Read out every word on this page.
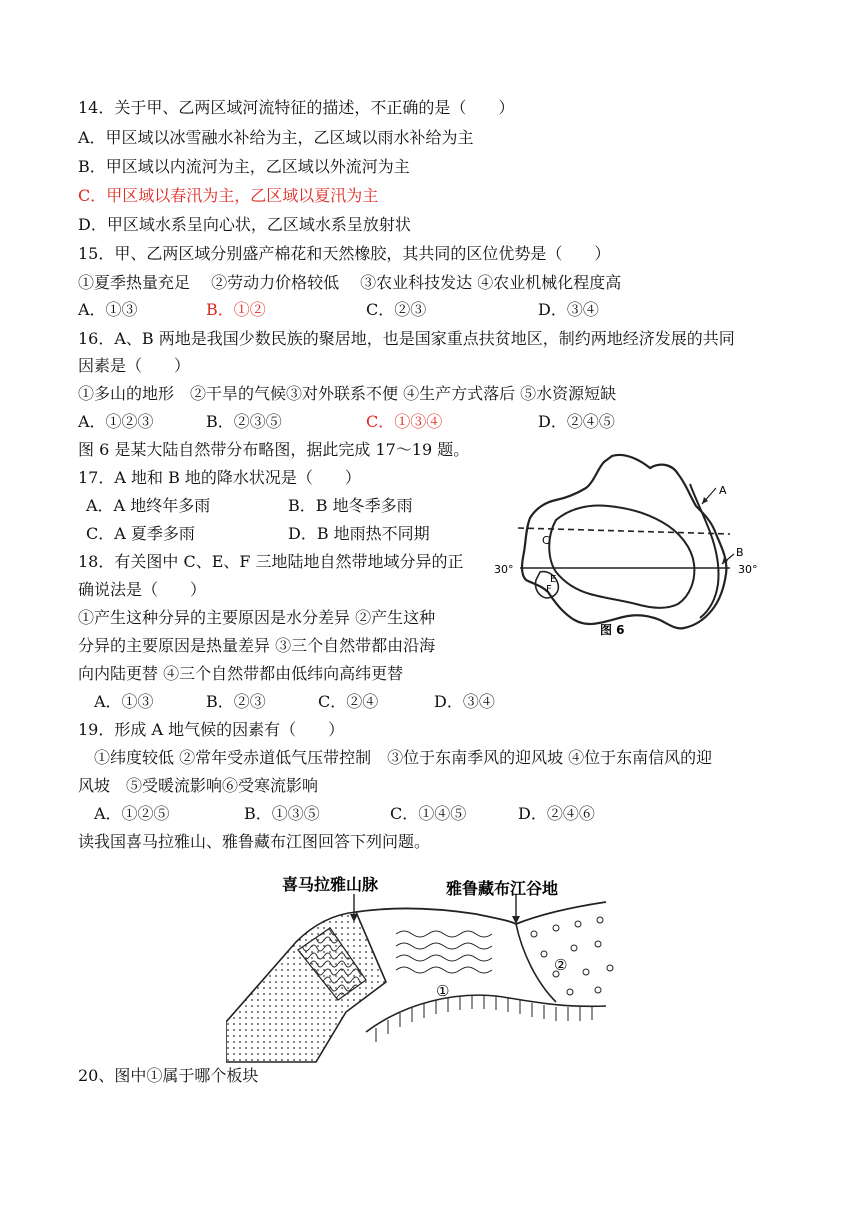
14．关于甲、乙两区域河流特征的描述，不正确的是（　　）
A．甲区域以冰雪融水补给为主，乙区域以雨水补给为主
B．甲区域以内流河为主，乙区域以外流河为主
C．甲区域以春汛为主，乙区域以夏汛为主
D．甲区域水系呈向心状，乙区域水系呈放射状
15．甲、乙两区域分别盛产棉花和天然橡胶，其共同的区位优势是（　　）
①夏季热量充足　 ②劳动力价格较低　 ③农业科技发达 ④农业机械化程度高
A．①③	B．①②	C．②③	D．③④
16．A、B 两地是我国少数民族的聚居地，也是国家重点扶贫地区，制约两地经济发展的共同
因素是（　　）
①多山的地形　②干旱的气候③对外联系不便 ④生产方式落后 ⑤水资源短缺
A．①②③	B．②③⑤	C．①③④	D．②④⑤
图 6 是某大陆自然带分布略图，据此完成 17～19 题。
17．A 地和 B 地的降水状况是（　　）
A．A 地终年多雨	B．B 地冬季多雨
C．A 夏季多雨	D．B 地雨热不同期
18．有关图中 C、E、F 三地陆地自然带地域分异的正
确说法是（　　）
①产生这种分异的主要原因是水分差异 ②产生这种
分异的主要原因是热量差异 ③三个自然带都由沿海
向内陆更替 ④三个自然带都由低纬向高纬更替
A．①③	B．②③	C．②④	D．③④
19．形成 A 地气候的因素有（　　）
①纬度较低 ②常年受赤道低气压带控制　③位于东南季风的迎风坡 ④位于东南信风的迎
风坡　⑤受暖流影响⑥受寒流影响
A．①②⑤	B．①③⑤	C．①④⑤	D．②④⑥
读我国喜马拉雅山、雅鲁藏布江图回答下列问题。
A
B
C
E
F
30°	30°
图 6
喜马拉雅山脉	雅鲁藏布江谷地
①
②
20、图中①属于哪个板块
